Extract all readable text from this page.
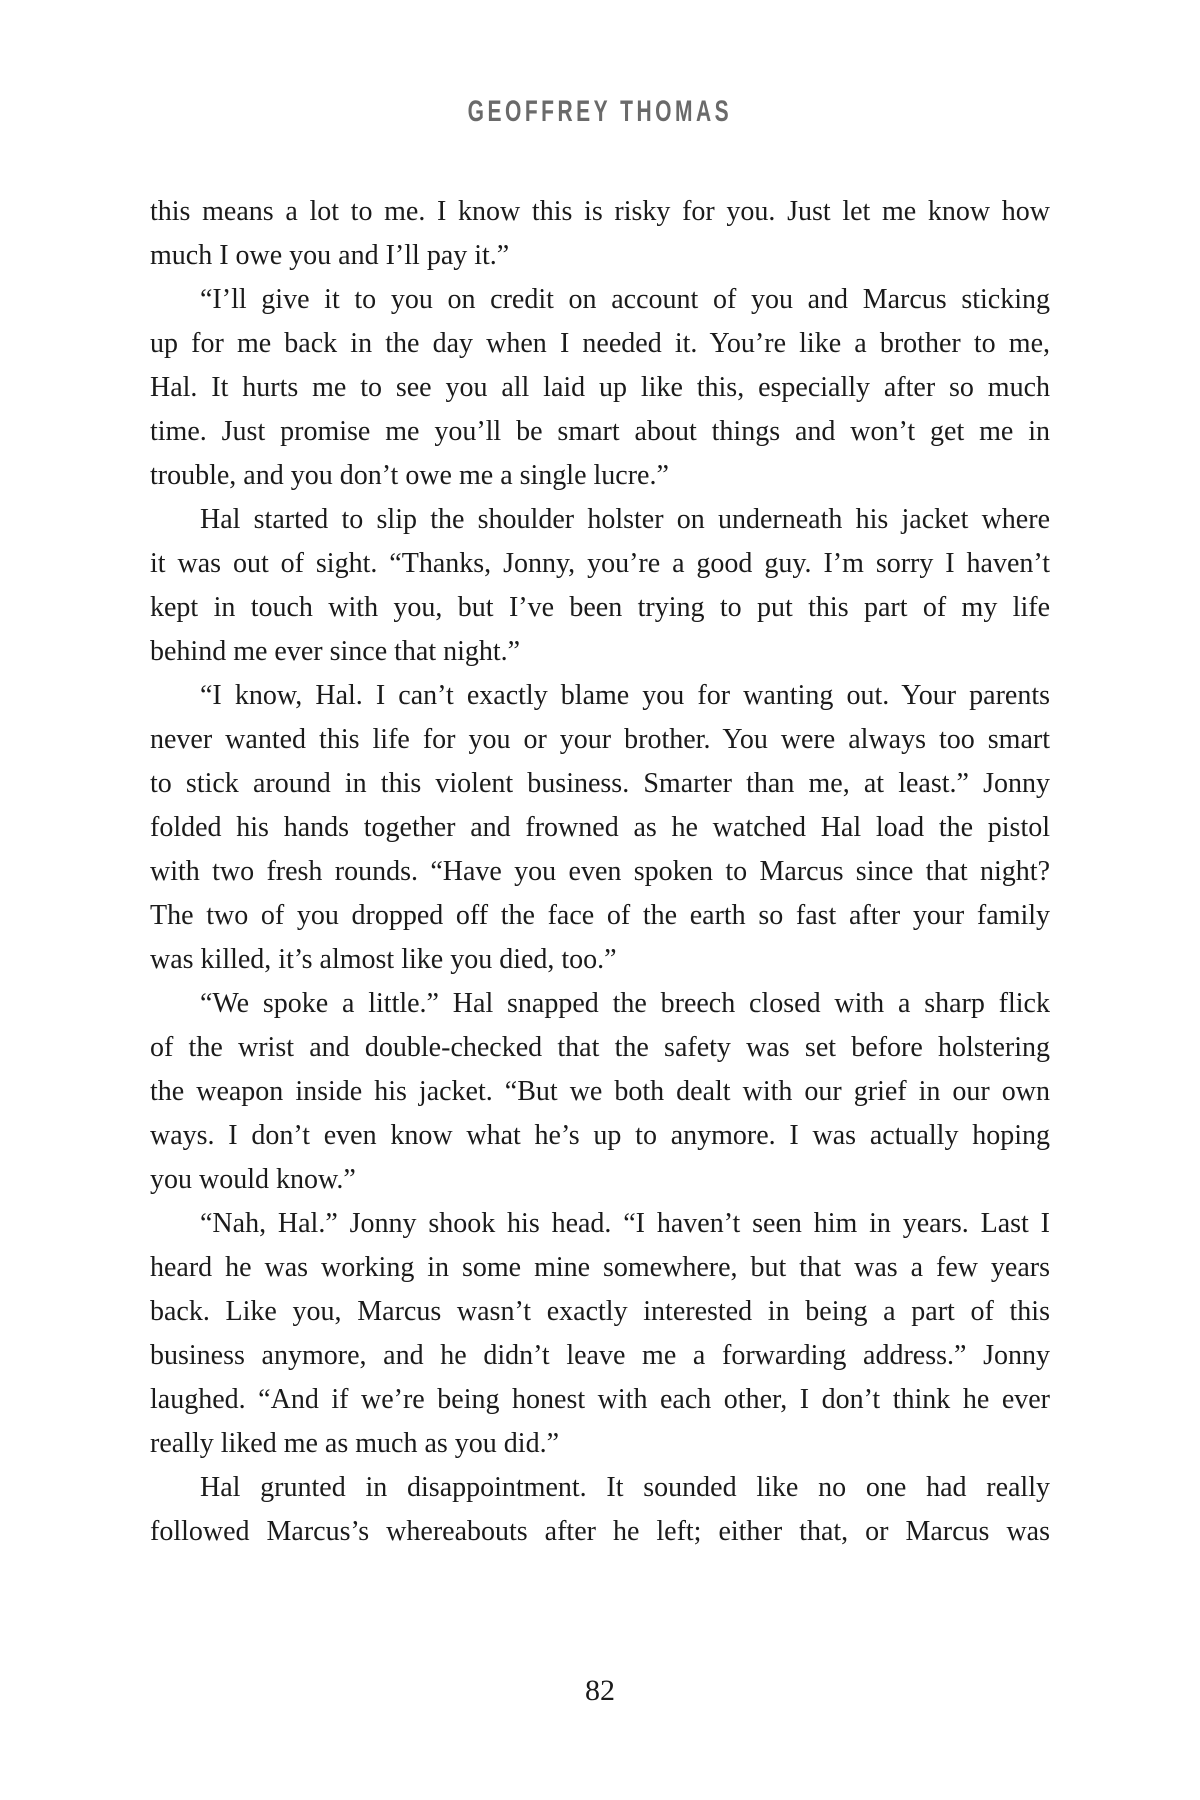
GEOFFREY THOMAS

this means a lot to me. I know this is risky for you. Just let me know how
much I owe you and I’ll pay it.”

“I’ll give it to you on credit on account of you and Marcus sticking
up for me back in the day when I needed it. You’re like a brother to me,
Hal. It hurts me to see you all laid up like this, especially after so much
time. Just promise me you’ll be smart about things and won’t get me in
trouble, and you don’t owe me a single lucre.”

Hal started to slip the shoulder holster on underneath his jacket where
it was out of sight. “Thanks, Jonny, you’re a good guy. I’m sorry I haven’t
kept in touch with you, but I’ve been trying to put this part of my life
behind me ever since that night.”

“I know, Hal. I can’t exactly blame you for wanting out. Your parents
never wanted this life for you or your brother. You were always too smart
to stick around in this violent business. Smarter than me, at least.” Jonny
folded his hands together and frowned as he watched Hal load the pistol
with two fresh rounds. “Have you even spoken to Marcus since that night?
The two of you dropped off the face of the earth so fast after your family
was killed, it’s almost like you died, too.”

“We spoke a little.” Hal snapped the breech closed with a sharp flick
of the wrist and double-checked that the safety was set before holstering
the weapon inside his jacket. “But we both dealt with our grief in our own
ways. I don’t even know what he’s up to anymore. I was actually hoping
you would know.”

“Nah, Hal.” Jonny shook his head. “I haven’t seen him in years. Last I
heard he was working in some mine somewhere, but that was a few years
back. Like you, Marcus wasn’t exactly interested in being a part of this
business anymore, and he didn’t leave me a forwarding address.” Jonny
laughed. “And if we’re being honest with each other, I don’t think he ever
really liked me as much as you did.”

Hal grunted in disappointment. It sounded like no one had really
followed Marcus’s whereabouts after he left; either that, or Marcus was

82
